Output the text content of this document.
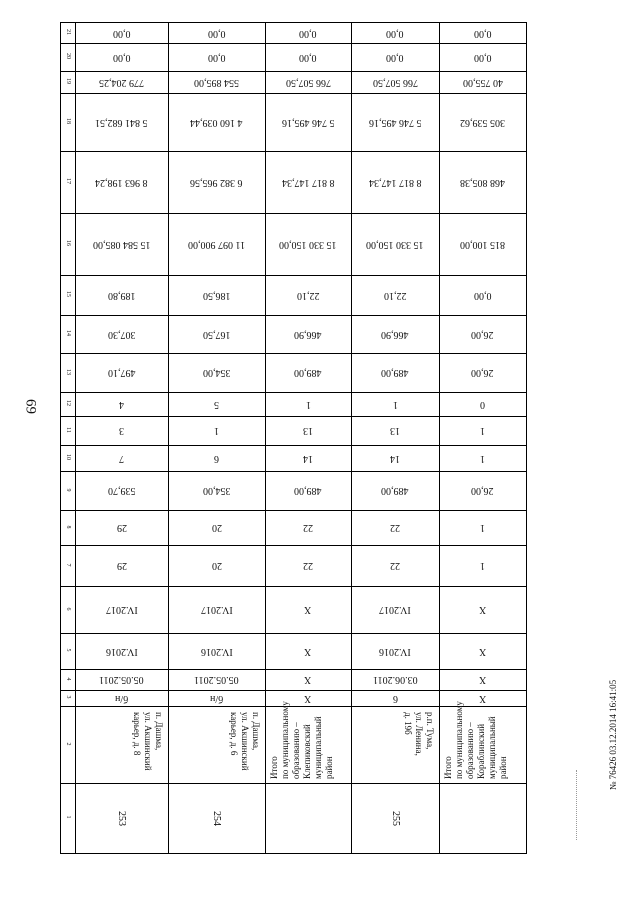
69
№ 76426 03.12.2014 16:41:05
1
2
3
4
5
6
7
8
9
10
11
12
13
14
15
16
17
18
19
20
21
253
п. Дашма,
ул. Акшинский
карьер, д. 8
б/н
05.05.2011
IV.2016
IV.2017
29
29
539,70
7
3
4
497,10
307,30
189,80
15 584 085,00
8 963 198,24
5 841 682,51
779 204,25
0,00
0,00
254
п. Дашма,
ул. Акшинский
карьер, д. 6
б/н
05.05.2011
IV.2016
IV.2017
20
20
354,00
6
1
5
354,00
167,50
186,50
11 097 900,00
6 382 965,56
4 160 039,44
554 895,00
0,00
0,00
Итого по муниципальному образованию – Клепиковский муниципальный район
X
X
X
X
22
22
489,00
14
13
1
489,00
466,90
22,10
15 330 150,00
8 817 147,34
5 746 495,16
766 507,50
0,00
0,00
255
р.п. Тума,
ул. Ленина,
д. 19б
6
03.06.2011
IV.2016
IV.2017
22
22
489,00
14
13
1
489,00
466,90
22,10
15 330 150,00
8 817 147,34
5 746 495,16
766 507,50
0,00
0,00
Итого по муниципальному образованию – Кораблинский муниципальный район
X
X
X
X
1
1
26,00
1
1
0
26,00
26,00
0,00
815 100,00
468 805,38
305 539,62
40 755,00
0,00
0,00
